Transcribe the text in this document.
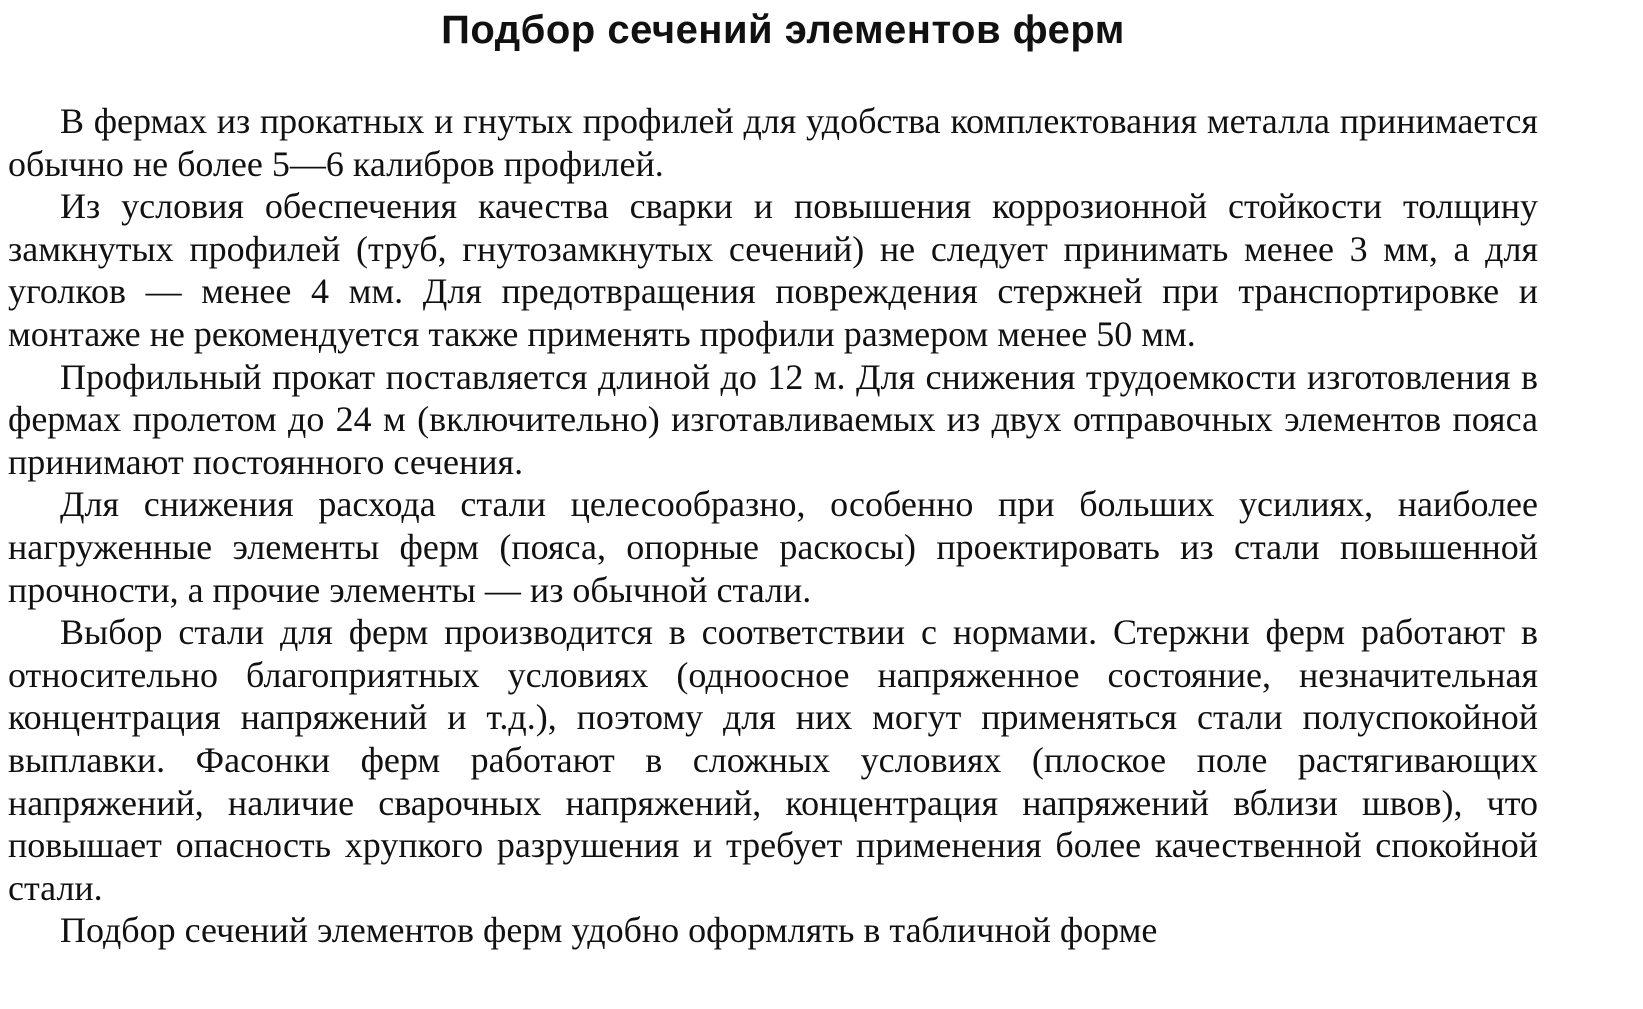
Подбор сечений элементов ферм

В фермах из прокатных и гнутых профилей для удобства комплектования металла принимается обычно не более 5—6 калибров профилей.

Из условия обеспечения качества сварки и повышения коррозионной стойкости толщину замкнутых профилей (труб, гнутозамкнутых сечений) не следует принимать менее 3 мм, а для уголков — менее 4 мм. Для предотвращения повреждения стержней при транспортировке и монтаже не рекомендуется также применять профили размером менее 50 мм.

Профильный прокат поставляется длиной до 12 м. Для снижения трудоемкости изготовления в фермах пролетом до 24 м (включительно) изготавливаемых из двух отправочных элементов пояса принимают постоянного сечения.

Для снижения расхода стали целесообразно, особенно при больших усилиях, наиболее нагруженные элементы ферм (пояса, опорные раскосы) проектировать из стали повышенной прочности, а прочие элементы — из обычной стали.

Выбор стали для ферм производится в соответствии с нормами. Стержни ферм работают в относительно благоприятных условиях (одноосное напряженное состояние, незначительная концентрация напряжений и т.д.), поэтому для них могут применяться стали полуспокойной выплавки. Фасонки ферм работают в сложных условиях (плоское поле растягивающих напряжений, наличие сварочных напряжений, концентрация напряжений вблизи швов), что повышает опасность хрупкого разрушения и требует применения более качественной спокойной стали.

Подбор сечений элементов ферм удобно оформлять в табличной форме
